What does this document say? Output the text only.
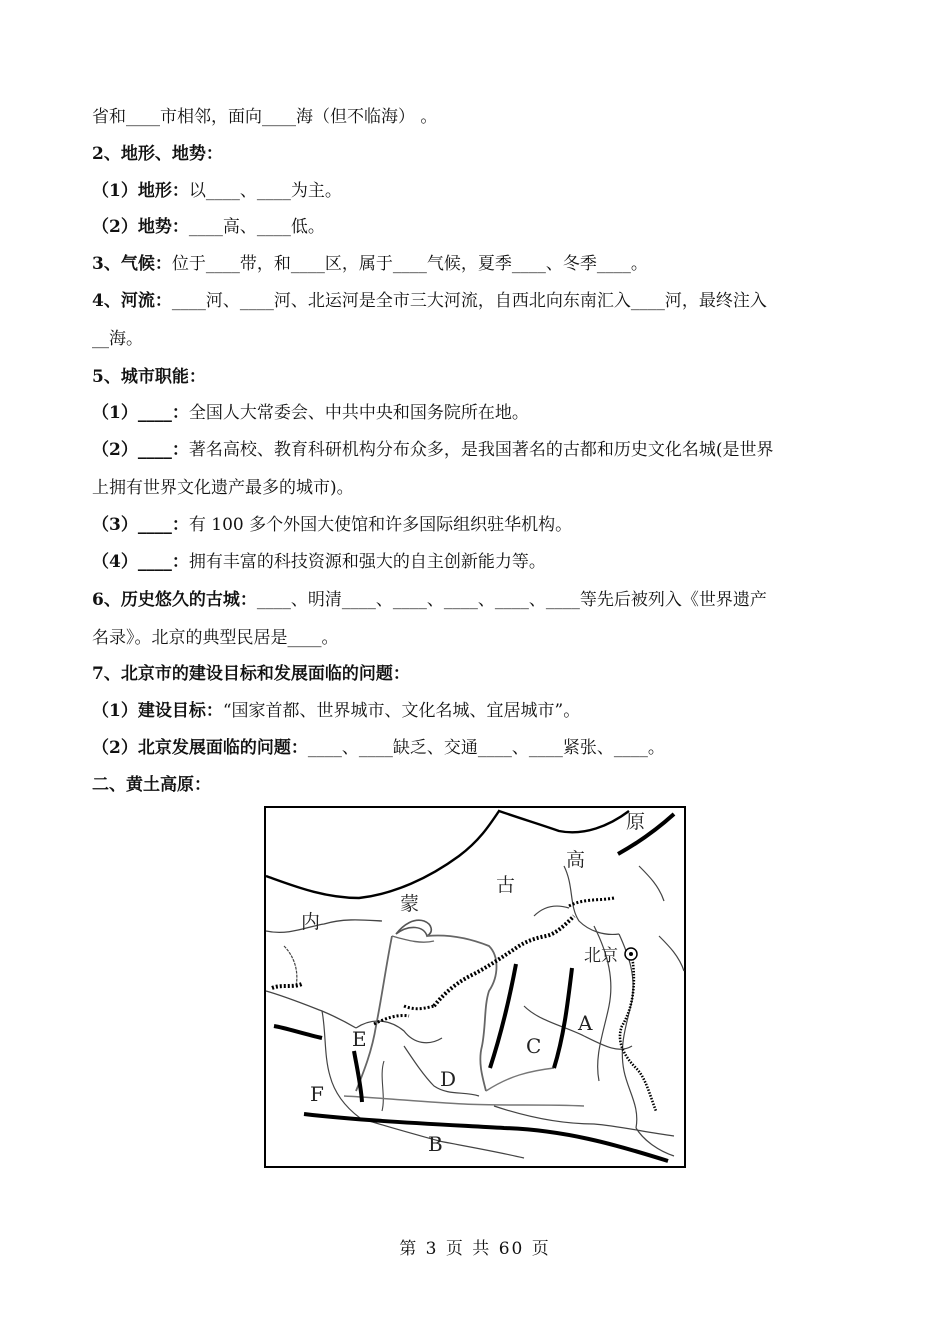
省和____市相邻，面向____海（但不临海） 。
2、地形、地势：
（1）地形：以____、____为主。
（2）地势：____高、____低。
3、气候：位于____带，和____区，属于____气候，夏季____、冬季____。
4、河流：____河、____河、北运河是全市三大河流，自西北向东南汇入____河，最终注入
__海。
5、城市职能：
（1）____：全国人大常委会、中共中央和国务院所在地。
（2）____：著名高校、教育科研机构分布众多，是我国著名的古都和历史文化名城(是世界
上拥有世界文化遗产最多的城市)。
（3）____：有 100 多个外国大使馆和许多国际组织驻华机构。
（4）____：拥有丰富的科技资源和强大的自主创新能力等。
6、历史悠久的古城：____、明清____、____、____、____、____等先后被列入《世界遗产
名录》。北京的典型民居是____。
7、北京市的建设目标和发展面临的问题：
（1）建设目标：“国家首都、世界城市、文化名城、宜居城市”。
（2）北京发展面临的问题：____、____缺乏、交通____、____紧张、____。
二、黄土高原：
原
高
古
蒙
内
北京
A
C
D
E
F
B
第 3 页 共 60 页
